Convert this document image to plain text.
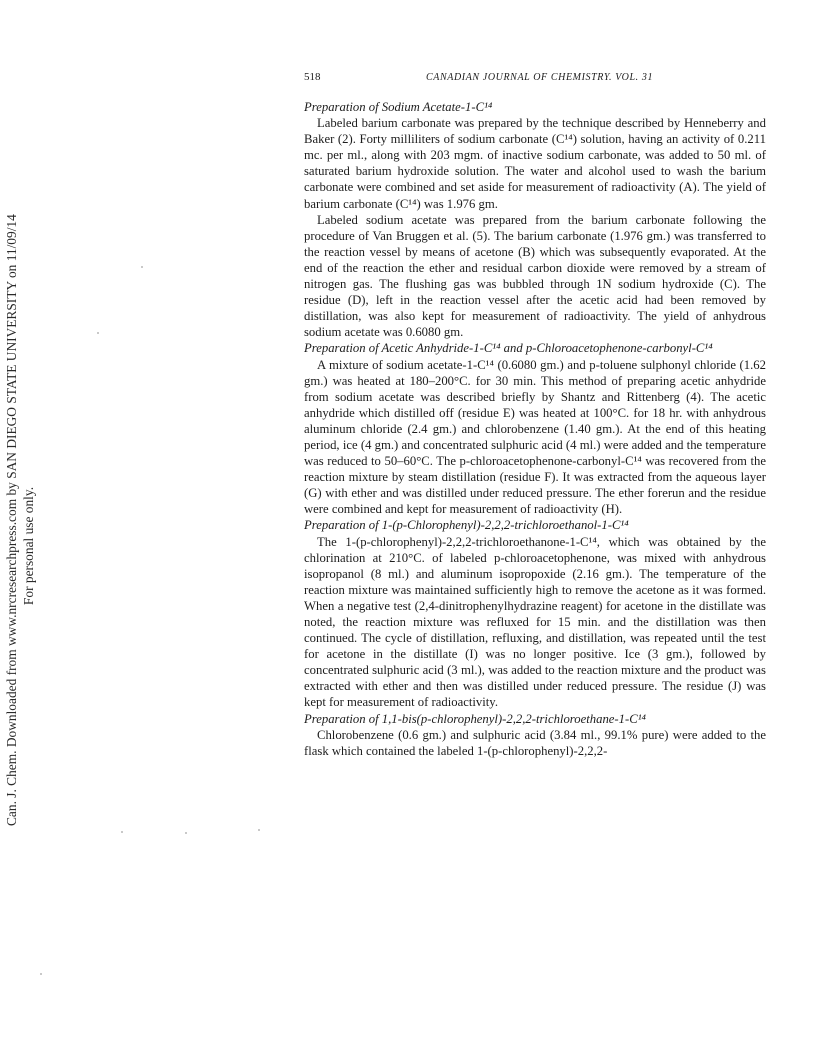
518	CANADIAN JOURNAL OF CHEMISTRY. VOL. 31
Preparation of Sodium Acetate-1-C¹⁴

Labeled barium carbonate was prepared by the technique described by Henneberry and Baker (2). Forty milliliters of sodium carbonate (C¹⁴) solution, having an activity of 0.211 mc. per ml., along with 203 mgm. of inactive sodium carbonate, was added to 50 ml. of saturated barium hydroxide solution. The water and alcohol used to wash the barium carbonate were combined and set aside for measurement of radioactivity (A). The yield of barium carbonate (C¹⁴) was 1.976 gm.

Labeled sodium acetate was prepared from the barium carbonate following the procedure of Van Bruggen et al. (5). The barium carbonate (1.976 gm.) was transferred to the reaction vessel by means of acetone (B) which was subsequently evaporated. At the end of the reaction the ether and residual carbon dioxide were removed by a stream of nitrogen gas. The flushing gas was bubbled through 1N sodium hydroxide (C). The residue (D), left in the reaction vessel after the acetic acid had been removed by distillation, was also kept for measurement of radioactivity. The yield of anhydrous sodium acetate was 0.6080 gm.

Preparation of Acetic Anhydride-1-C¹⁴ and p-Chloroacetophenone-carbonyl-C¹⁴

A mixture of sodium acetate-1-C¹⁴ (0.6080 gm.) and p-toluene sulphonyl chloride (1.62 gm.) was heated at 180–200°C. for 30 min. This method of preparing acetic anhydride from sodium acetate was described briefly by Shantz and Rittenberg (4). The acetic anhydride which distilled off (residue E) was heated at 100°C. for 18 hr. with anhydrous aluminum chloride (2.4 gm.) and chlorobenzene (1.40 gm.). At the end of this heating period, ice (4 gm.) and concentrated sulphuric acid (4 ml.) were added and the temperature was reduced to 50–60°C. The p-chloroacetophenone-carbonyl-C¹⁴ was recovered from the reaction mixture by steam distillation (residue F). It was extracted from the aqueous layer (G) with ether and was distilled under reduced pressure. The ether forerun and the residue were combined and kept for measurement of radioactivity (H).

Preparation of 1-(p-Chlorophenyl)-2,2,2-trichloroethanol-1-C¹⁴

The 1-(p-chlorophenyl)-2,2,2-trichloroethanone-1-C¹⁴, which was obtained by the chlorination at 210°C. of labeled p-chloroacetophenone, was mixed with anhydrous isopropanol (8 ml.) and aluminum isopropoxide (2.16 gm.). The temperature of the reaction mixture was maintained sufficiently high to remove the acetone as it was formed. When a negative test (2,4-dinitrophenylhydrazine reagent) for acetone in the distillate was noted, the reaction mixture was refluxed for 15 min. and the distillation was then continued. The cycle of distillation, refluxing, and distillation, was repeated until the test for acetone in the distillate (I) was no longer positive. Ice (3 gm.), followed by concentrated sulphuric acid (3 ml.), was added to the reaction mixture and the product was extracted with ether and then was distilled under reduced pressure. The residue (J) was kept for measurement of radioactivity.

Preparation of 1,1-bis(p-chlorophenyl)-2,2,2-trichloroethane-1-C¹⁴

Chlorobenzene (0.6 gm.) and sulphuric acid (3.84 ml., 99.1% pure) were added to the flask which contained the labeled 1-(p-chlorophenyl)-2,2,2-

Can. J. Chem. Downloaded from www.nrcresearchpress.com by SAN DIEGO STATE UNIVERSITY on 11/09/14 For personal use only.
